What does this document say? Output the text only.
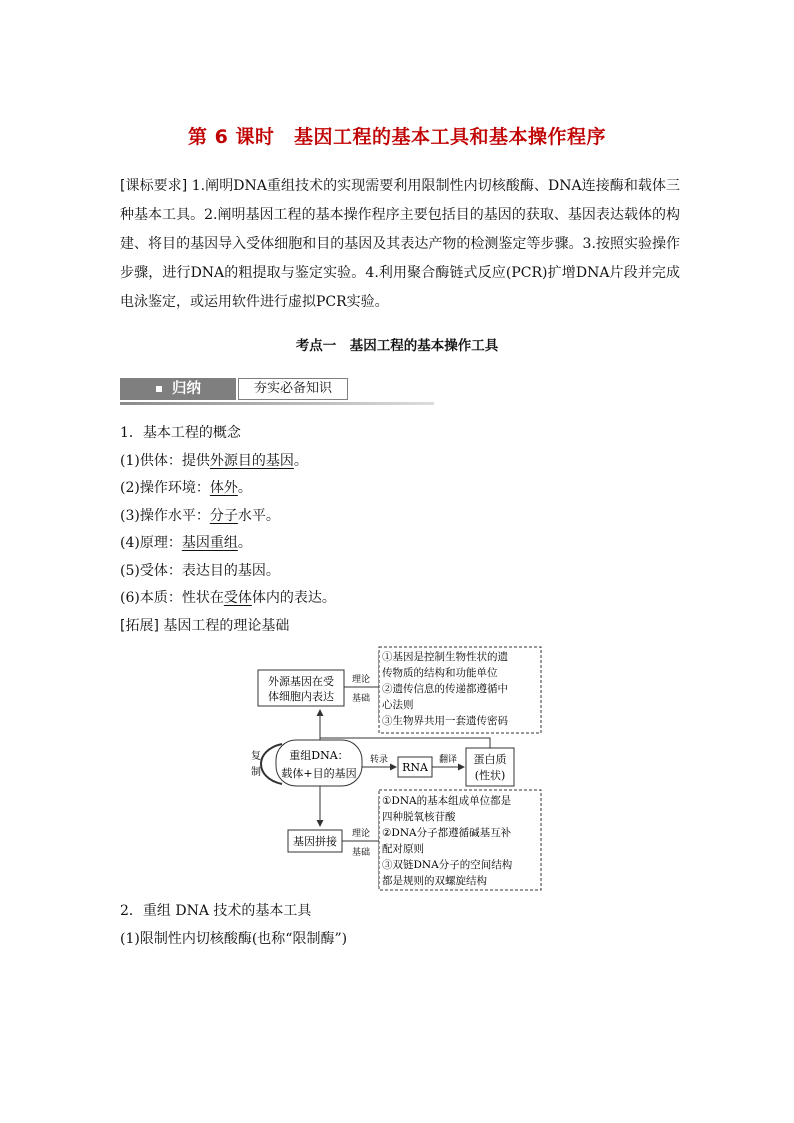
第 6 课时　基因工程的基本工具和基本操作程序
[课标要求] 1.阐明DNA重组技术的实现需要利用限制性内切核酸酶、DNA连接酶和载体三种基本工具。2.阐明基因工程的基本操作程序主要包括目的基因的获取、基因表达载体的构建、将目的基因导入受体细胞和目的基因及其表达产物的检测鉴定等步骤。3.按照实验操作步骤，进行DNA的粗提取与鉴定实验。4.利用聚合酶链式反应(PCR)扩增DNA片段并完成电泳鉴定，或运用软件进行虚拟PCR实验。
考点一　基因工程的基本操作工具
归纳	夯实必备知识
1．基本工程的概念
(1)供体：提供外源目的基因。
(2)操作环境：体外。
(3)操作水平：分子水平。
(4)原理：基因重组。
(5)受体：表达目的基因。
(6)本质：性状在受体体内的表达。
[拓展] 基因工程的理论基础
外源基因在受
体细胞内表达
理论
基础
①基因是控制生物性状的遗
传物质的结构和功能单位
②遗传信息的传递都遵循中
心法则
③生物界共用一套遗传密码
复
制
重组DNA：
载体+目的基因
转录
RNA
翻译 蛋白质
(性状)
基因拼接
理论
基础
①DNA的基本组成单位都是
四种脱氧核苷酸
②DNA分子都遵循碱基互补
配对原则
③双链DNA分子的空间结构
都是规则的双螺旋结构
2．重组 DNA 技术的基本工具
(1)限制性内切核酸酶(也称“限制酶”)
